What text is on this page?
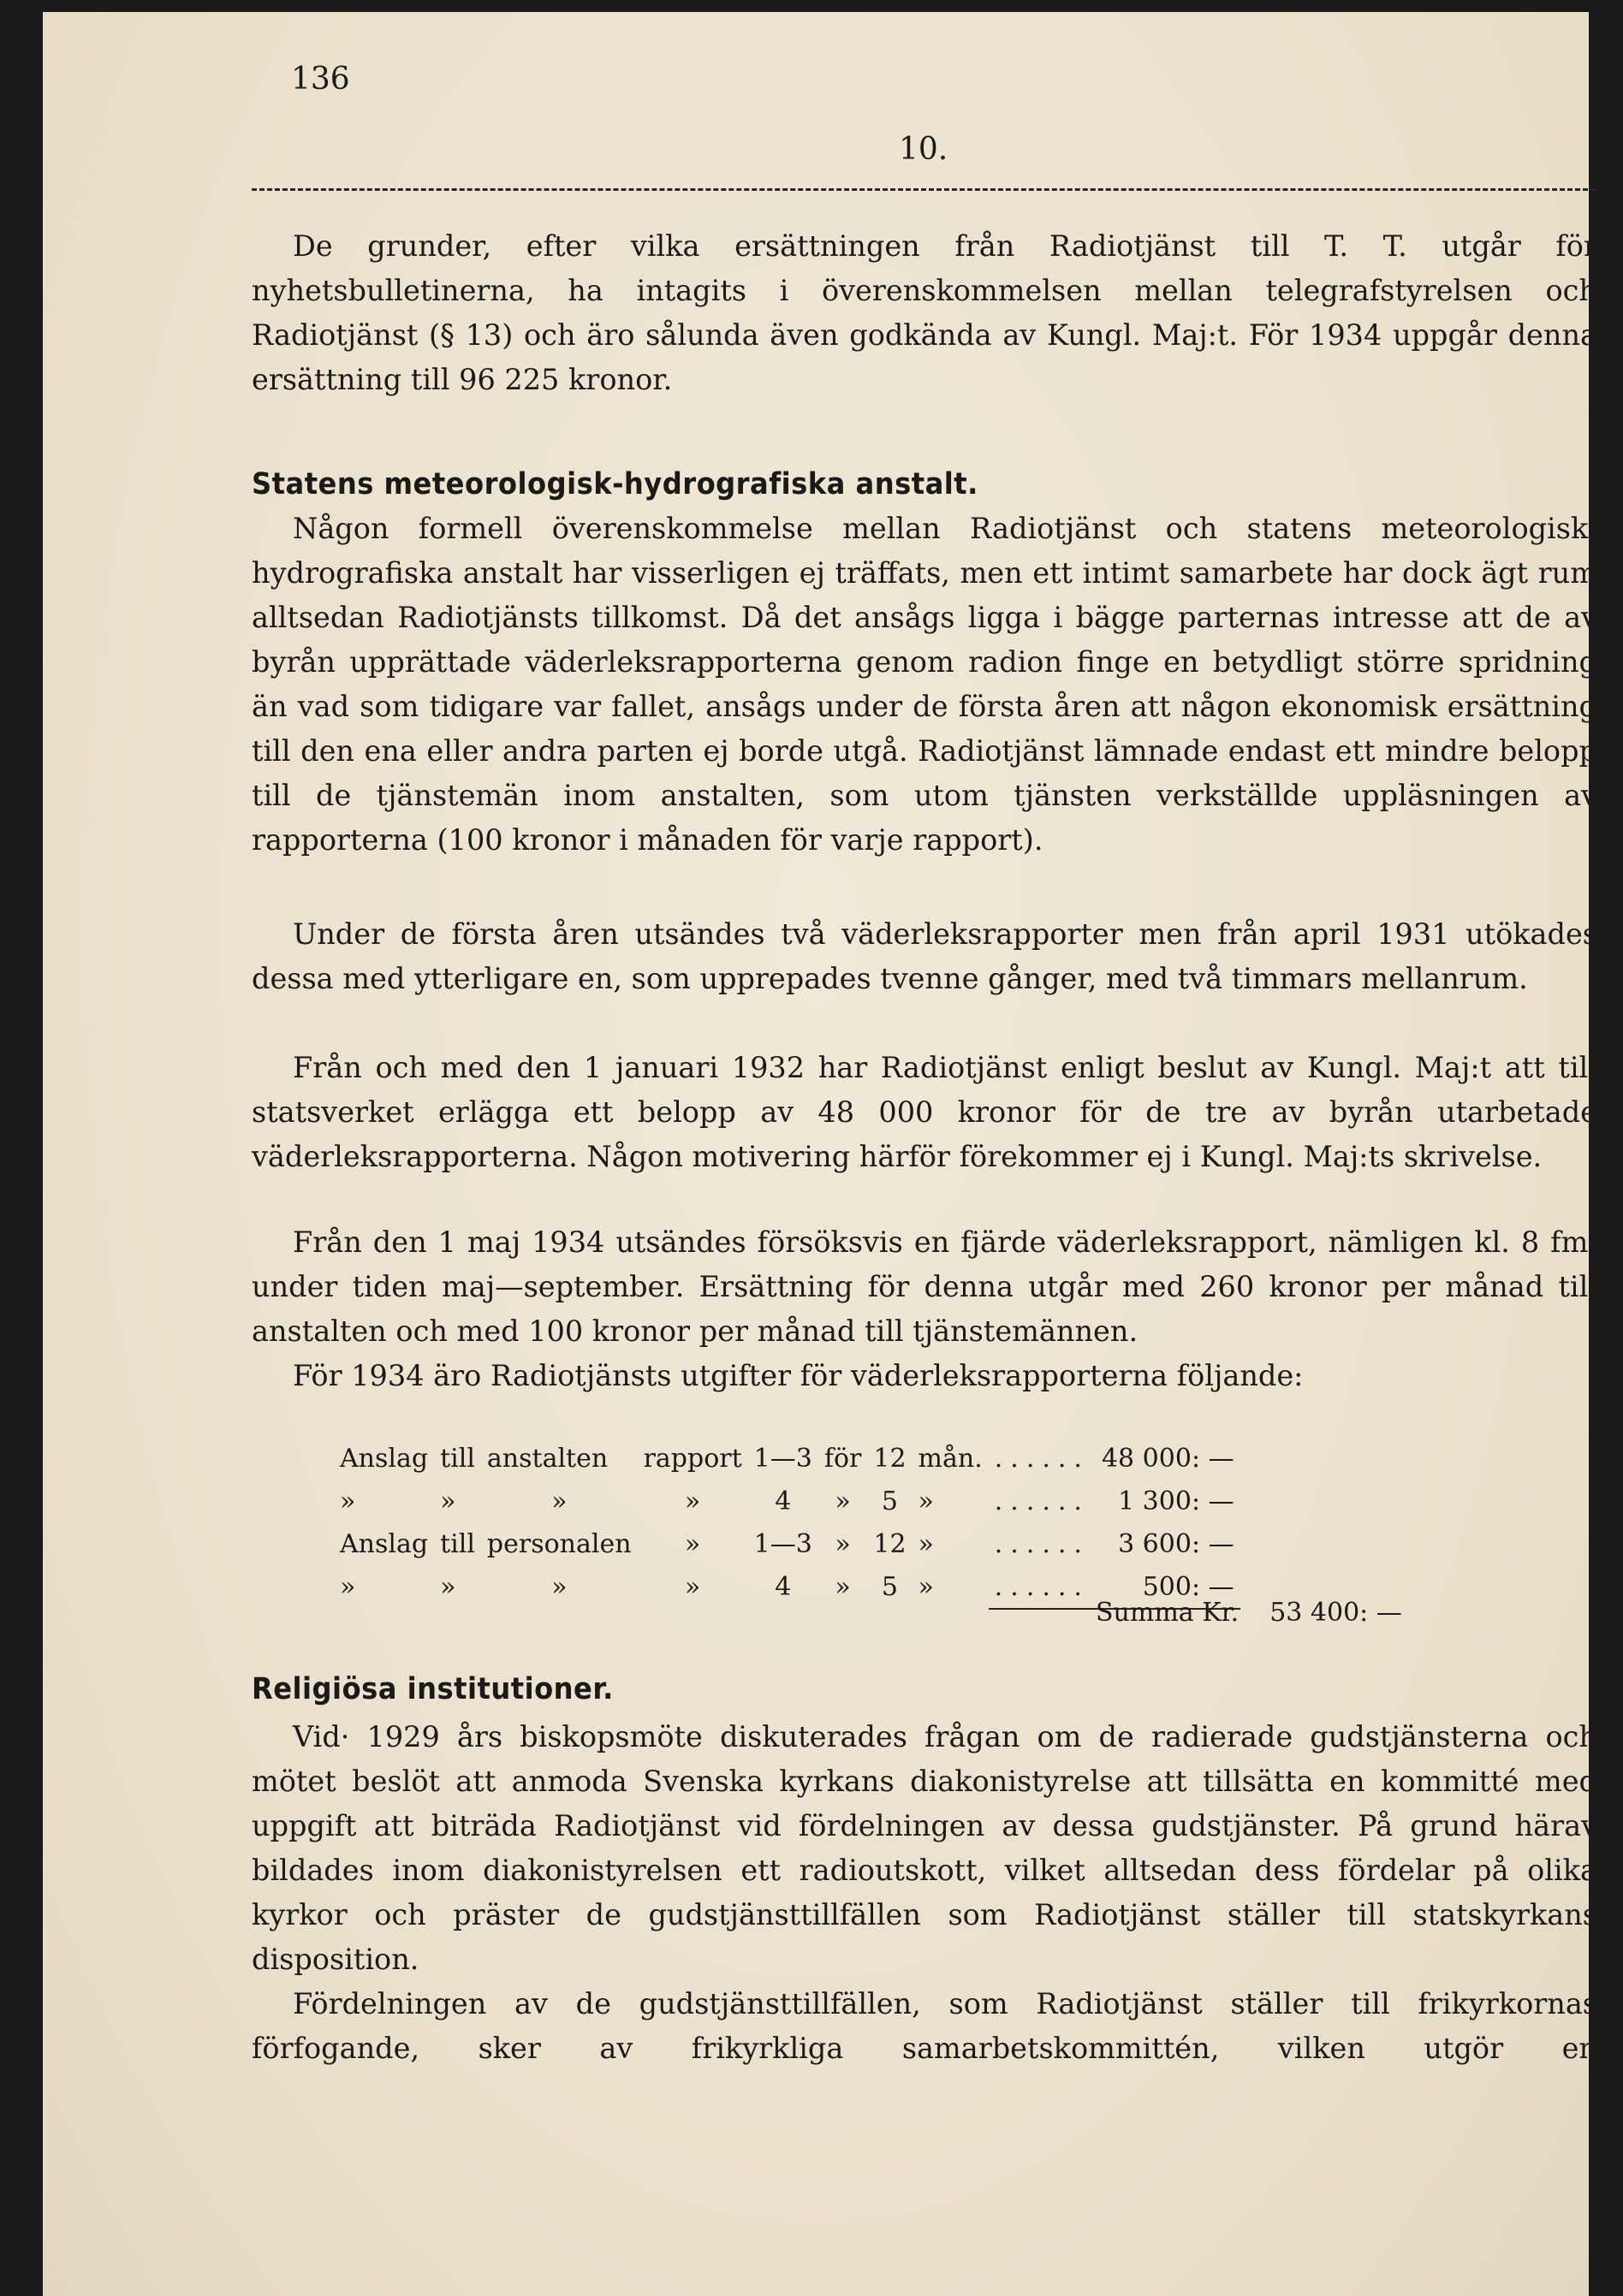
136
10.
De grunder, efter vilka ersättningen från Radiotjänst till T. T. utgår för nyhetsbulletinerna, ha intagits i överenskommelsen mellan telegrafstyrelsen och Radiotjänst (§ 13) och äro sålunda även godkända av Kungl. Maj:t. För 1934 uppgår denna ersättning till 96 225 kronor.
Statens meteorologisk-hydrografiska anstalt.
Någon formell överenskommelse mellan Radiotjänst och statens meteorologisk-hydrografiska anstalt har visserligen ej träffats, men ett intimt samarbete har dock ägt rum alltsedan Radiotjänsts tillkomst. Då det ansågs ligga i bägge parternas intresse att de av byrån upprättade väderleksrapporterna genom radion finge en betydligt större spridning än vad som tidigare var fallet, ansågs under de första åren att någon ekonomisk ersättning till den ena eller andra parten ej borde utgå. Radiotjänst lämnade endast ett mindre belopp till de tjänstemän inom anstalten, som utom tjänsten verkställde uppläsningen av rapporterna (100 kronor i månaden för varje rapport).
Under de första åren utsändes två väderleksrapporter men från april 1931 utökades dessa med ytterligare en, som upprepades tvenne gånger, med två timmars mellanrum.
Från och med den 1 januari 1932 har Radiotjänst enligt beslut av Kungl. Maj:t att till statsverket erlägga ett belopp av 48 000 kronor för de tre av byrån utarbetade väderleksrapporterna. Någon motivering härför förekommer ej i Kungl. Maj:ts skrivelse.
Från den 1 maj 1934 utsändes försöksvis en fjärde väderleksrapport, nämligen kl. 8 fm. under tiden maj—september. Ersättning för denna utgår med 260 kronor per månad till anstalten och med 100 kronor per månad till tjänstemännen.
För 1934 äro Radiotjänsts utgifter för väderleksrapporterna följande:
Anslag	till	anstalten	rapport	1—3	för	12	mån.	......	48 000: —
»	»	»	»	4	»	5	»	......	1 300: —
Anslag	till	personalen	»	1—3	»	12	»	......	3 600: —
»	»	»	»	4	»	5	»	......	500: —
Summa Kr. 53 400: —
Religiösa institutioner.
Vid· 1929 års biskopsmöte diskuterades frågan om de radierade gudstjänsterna och mötet beslöt att anmoda Svenska kyrkans diakonistyrelse att tillsätta en kommitté med uppgift att biträda Radiotjänst vid fördelningen av dessa gudstjänster. På grund härav bildades inom diakonistyrelsen ett radioutskott, vilket alltsedan dess fördelar på olika kyrkor och präster de gudstjänsttillfällen som Radiotjänst ställer till statskyrkans disposition.
Fördelningen av de gudstjänsttillfällen, som Radiotjänst ställer till frikyrkornas förfogande, sker av frikyrkliga samarbetskommittén, vilken utgör en
